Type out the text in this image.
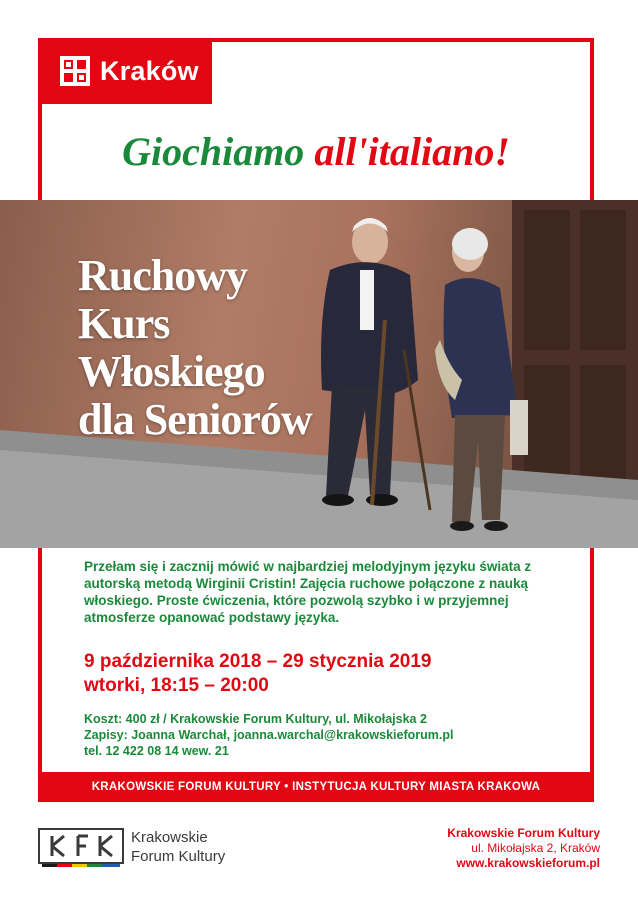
Kraków
Giochiamo all'italiano!
Ruchowy
Kurs
Włoskiego
dla Seniorów
Przełam się i zacznij mówić w najbardziej melodyjnym języku świata z autorską metodą Wirginii Cristin! Zajęcia ruchowe połączone z nauką włoskiego. Proste ćwiczenia, które pozwolą szybko i w przyjemnej atmosferze opanować podstawy języka.
9 października 2018 – 29 stycznia 2019
wtorki, 18:15 – 20:00
Koszt: 400 zł / Krakowskie Forum Kultury, ul. Mikołajska 2
Zapisy: Joanna Warchał, joanna.warchal@krakowskieforum.pl
tel. 12 422 08 14 wew. 21
KRAKOWSKIE FORUM KULTURY • INSTYTUCJA KULTURY MIASTA KRAKOWA
Krakowskie
Forum Kultury
Krakowskie Forum Kultury
ul. Mikołajska 2, Kraków
www.krakowskieforum.pl
